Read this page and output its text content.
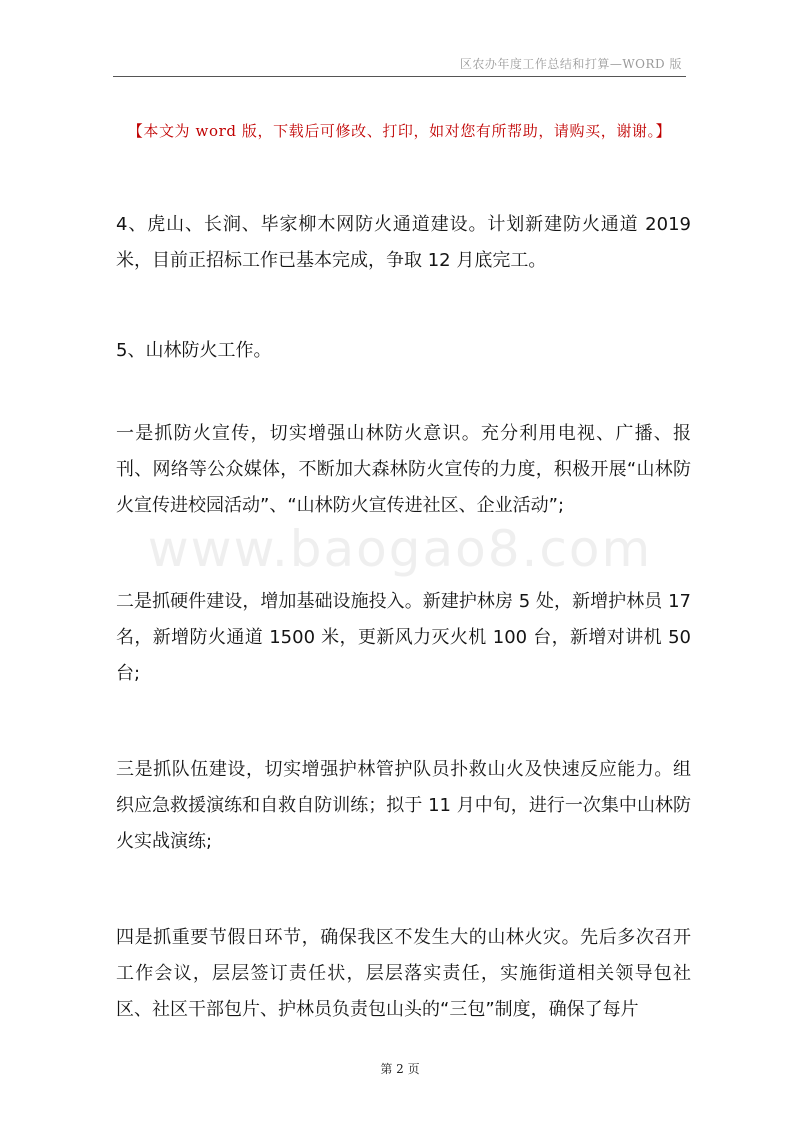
区农办年度工作总结和打算—WORD 版
【本文为 word 版，下载后可修改、打印，如对您有所帮助，请购买，谢谢。】
www.baogao8.com
4、虎山、长涧、毕家柳木网防火通道建设。计划新建防火通道 2019 米，目前正招标工作已基本完成，争取 12 月底完工。
5、山林防火工作。
一是抓防火宣传，切实增强山林防火意识。充分利用电视、广播、报刊、网络等公众媒体，不断加大森林防火宣传的力度，积极开展“山林防火宣传进校园活动”、“山林防火宣传进社区、企业活动”;
二是抓硬件建设，增加基础设施投入。新建护林房 5 处，新增护林员 17 名，新增防火通道 1500 米，更新风力灭火机 100 台，新增对讲机 50 台;
三是抓队伍建设，切实增强护林管护队员扑救山火及快速反应能力。组织应急救援演练和自救自防训练；拟于 11 月中旬，进行一次集中山林防火实战演练;
四是抓重要节假日环节，确保我区不发生大的山林火灾。先后多次召开工作会议，层层签订责任状，层层落实责任，实施街道相关领导包社区、社区干部包片、护林员负责包山头的“三包”制度，确保了每片
第 2 页
